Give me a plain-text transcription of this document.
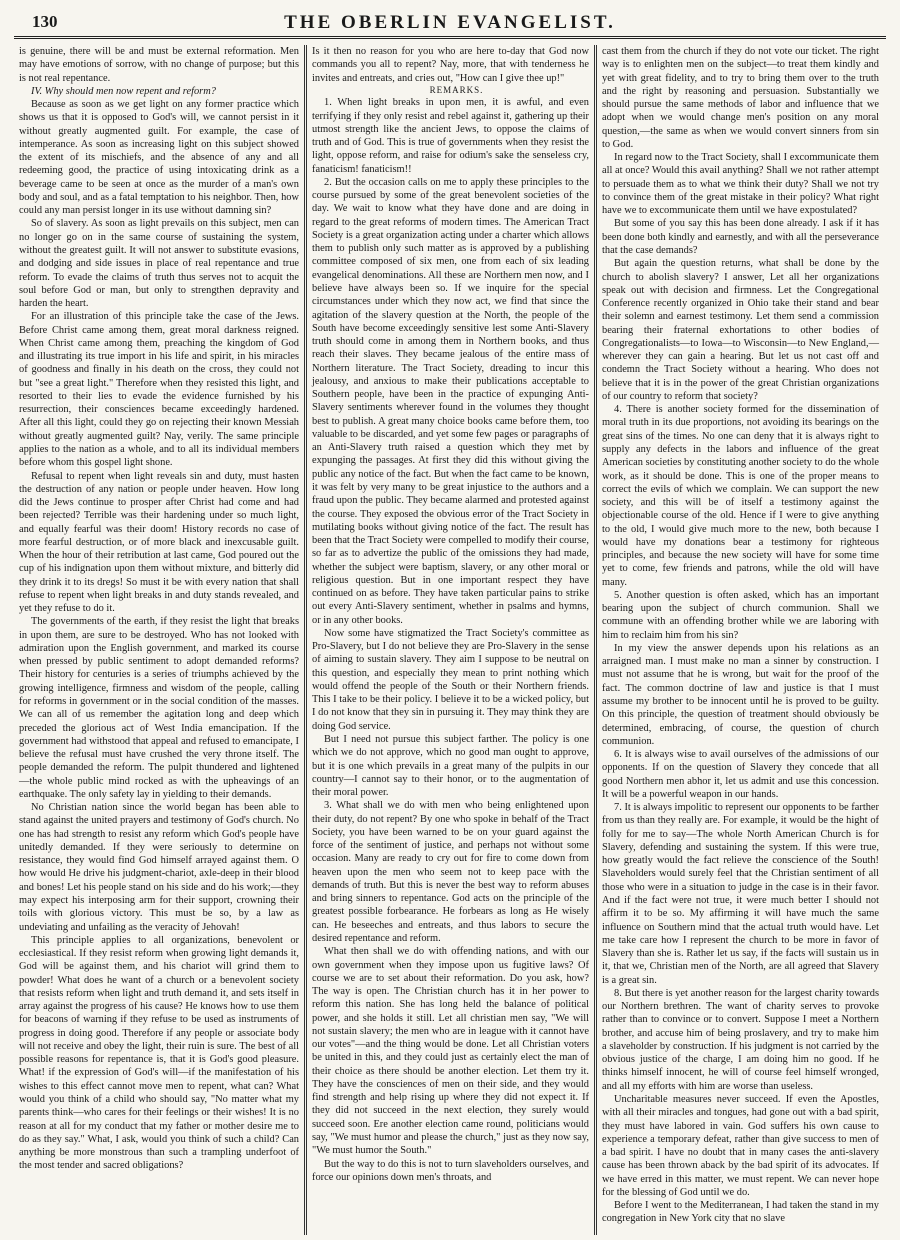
130	THE OBERLIN EVANGELIST.

is genuine, there will be and must be external reformation. Men may have emotions of sorrow, with no change of purpose; but this is not real repentance.

IV. Why should men now repent and reform?

Because as soon as we get light on any former practice which shows us that it is opposed to God's will, we cannot persist in it without greatly augmented guilt. For example, the case of intemperance. As soon as increasing light on this subject showed the extent of its mischiefs, and the absence of any and all redeeming good, the practice of using intoxicating drink as a beverage came to be seen at once as the murder of a man's own body and soul, and as a fatal temptation to his neighbor. Then, how could any man persist longer in its use without damning sin?

So of slavery. As soon as light prevails on this subject, men can no longer go on in the same course of sustaining the system, without the greatest guilt. It will not answer to substitute evasions, and dodging and side issues in place of real repentance and true reform. To evade the claims of truth thus serves not to acquit the soul before God or man, but only to strengthen depravity and harden the heart.

For an illustration of this principle take the case of the Jews. Before Christ came among them, great moral darkness reigned. When Christ came among them, preaching the kingdom of God and illustrating its true import in his life and spirit, in his miracles of goodness and finally in his death on the cross, they could not but "see a great light." Therefore when they resisted this light, and resorted to their lies to evade the evidence furnished by his resurrection, their consciences became exceedingly hardened. After all this light, could they go on rejecting their known Messiah without greatly augmented guilt? Nay, verily. The same principle applies to the nation as a whole, and to all its individual members before whom this gospel light shone.

Refusal to repent when light reveals sin and duty, must hasten the destruction of any nation or people under heaven. How long did the Jews continue to prosper after Christ had come and had been rejected? Terrible was their hardening under so much light, and equally fearful was their doom! History records no case of more fearful destruction, or of more black and inexcusable guilt. When the hour of their retribution at last came, God poured out the cup of his indignation upon them without mixture, and bitterly did they drink it to its dregs! So must it be with every nation that shall refuse to repent when light breaks in and duty stands revealed, and yet they refuse to do it.

The governments of the earth, if they resist the light that breaks in upon them, are sure to be destroyed. Who has not looked with admiration upon the English government, and marked its course when pressed by public sentiment to adopt demanded reforms? Their history for centuries is a series of triumphs achieved by the growing intelligence, firmness and wisdom of the people, calling for reforms in government or in the social condition of the masses. We can all of us remember the agitation long and deep which preceded the glorious act of West India emancipation. If the government had withstood that appeal and refused to emancipate, I believe the refusal must have crushed the very throne itself. The people demanded the reform. The pulpit thundered and lightened—the whole public mind rocked as with the upheavings of an earthquake. The only safety lay in yielding to their demands.

No Christian nation since the world began has been able to stand against the united prayers and testimony of God's church. No one has had strength to resist any reform which God's people have unitedly demanded. If they were seriously to determine on resistance, they would find God himself arrayed against them. O how would He drive his judgment-chariot, axle-deep in their blood and bones! Let his people stand on his side and do his work;—they may expect his interposing arm for their support, crowning their toils with glorious victory. This must be so, by a law as undeviating and unfailing as the veracity of Jehovah!

This principle applies to all organizations, benevolent or ecclesiastical. If they resist reform when growing light demands it, God will be against them, and his chariot will grind them to powder! What does he want of a church or a benevolent society that resists reform when light and truth demand it, and sets itself in array against the progress of his cause? He knows how to use them for beacons of warning if they refuse to be used as instruments of progress in doing good. Therefore if any people or associate body will not receive and obey the light, their ruin is sure. The best of all possible reasons for repentance is, that it is God's good pleasure. What! if the expression of God's will—if the manifestation of his wishes to this effect cannot move men to repent, what can? What would you think of a child who should say, "No matter what my parents think—who cares for their feelings or their wishes! It is no reason at all for my conduct that my father or mother desire me to do as they say." What, I ask, would you think of such a child? Can anything be more monstrous than such a trampling underfoot of the most tender and sacred obligations?

Is it then no reason for you who are here to-day that God now commands you all to repent? Nay, more, that with tenderness he invites and entreats, and cries out, "How can I give thee up!"

REMARKS.

1. When light breaks in upon men, it is awful, and even terrifying if they only resist and rebel against it, gathering up their utmost strength like the ancient Jews, to oppose the claims of truth and of God. This is true of governments when they resist the light, oppose reform, and raise for odium's sake the senseless cry, fanaticism! fanaticism!!

2. But the occasion calls on me to apply these principles to the course pursued by some of the great benevolent societies of the day. We wait to know what they have done and are doing in regard to the great reforms of modern times. The American Tract Society is a great organization acting under a charter which allows them to publish only such matter as is approved by a publishing committee composed of six men, one from each of six leading evangelical denominations. All these are Northern men now, and I believe have always been so. If we inquire for the special circumstances under which they now act, we find that since the agitation of the slavery question at the North, the people of the South have become exceedingly sensitive lest some Anti-Slavery truth should come in among them in Northern books, and thus reach their slaves. They became jealous of the entire mass of Northern literature. The Tract Society, dreading to incur this jealousy, and anxious to make their publications acceptable to Southern people, have been in the practice of expunging Anti-Slavery sentiments wherever found in the volumes they thought best to publish. A great many choice books came before them, too valuable to be discarded, and yet some few pages or paragraphs of an Anti-Slavery truth raised a question which they met by expunging the passages. At first they did this without giving the public any notice of the fact. But when the fact came to be known, it was felt by very many to be great injustice to the authors and a fraud upon the public. They became alarmed and protested against the course. They exposed the obvious error of the Tract Society in mutilating books without giving notice of the fact. The result has been that the Tract Society were compelled to modify their course, so far as to advertize the public of the omissions they had made, whether the subject were baptism, slavery, or any other moral or religious question. But in one important respect they have continued on as before. They have taken particular pains to strike out every Anti-Slavery sentiment, whether in psalms and hymns, or in any other books.

Now some have stigmatized the Tract Society's committee as Pro-Slavery, but I do not believe they are Pro-Slavery in the sense of aiming to sustain slavery. They aim I suppose to be neutral on this question, and especially they mean to print nothing which would offend the people of the South or their Northern friends. This I take to be their policy. I believe it to be a wicked policy, but I do not know that they sin in pursuing it. They may think they are doing God service.

But I need not pursue this subject farther. The policy is one which we do not approve, which no good man ought to approve, but it is one which prevails in a great many of the pulpits in our country—I cannot say to their honor, or to the augmentation of their moral power.

3. What shall we do with men who being enlightened upon their duty, do not repent? By one who spoke in behalf of the Tract Society, you have been warned to be on your guard against the force of the sentiment of justice, and perhaps not without some occasion. Many are ready to cry out for fire to come down from heaven upon the men who seem not to keep pace with the demands of truth. But this is never the best way to reform abuses and bring sinners to repentance. God acts on the principle of the greatest possible forbearance. He forbears as long as He wisely can. He beseeches and entreats, and thus labors to secure the desired repentance and reform.

What then shall we do with offending nations, and with our own government when they impose upon us fugitive laws? Of course we are to set about their reformation. Do you ask, how? The way is open. The Christian church has it in her power to reform this nation. She has long held the balance of political power, and she holds it still. Let all christian men say, "We will not sustain slavery; the men who are in league with it cannot have our votes"—and the thing would be done. Let all Christian voters be united in this, and they could just as certainly elect the man of their choice as there should be another election. Let them try it. They have the consciences of men on their side, and they would find strength and help rising up where they did not expect it. If they did not succeed in the next election, they surely would succeed soon. Ere another election came round, politicians would say, "We must humor and please the church," just as they now say, "We must humor the South."

But the way to do this is not to turn slaveholders ourselves, and force our opinions down men's throats, and

cast them from the church if they do not vote our ticket. The right way is to enlighten men on the subject—to treat them kindly and yet with great fidelity, and to try to bring them over to the truth and the right by reasoning and persuasion. Substantially we should pursue the same methods of labor and influence that we adopt when we would change men's position on any moral question,—the same as when we would convert sinners from sin to God.

In regard now to the Tract Society, shall I excommunicate them all at once? Would this avail anything? Shall we not rather attempt to persuade them as to what we think their duty? Shall we not try to convince them of the great mistake in their policy? What right have we to excommunicate them until we have expostulated?

But some of you say this has been done already. I ask if it has been done both kindly and earnestly, and with all the perseverance that the case demands?

But again the question returns, what shall be done by the church to abolish slavery? I answer, Let all her organizations speak out with decision and firmness. Let the Congregational Conference recently organized in Ohio take their stand and bear their solemn and earnest testimony. Let them send a commission bearing their fraternal exhortations to other bodies of Congregationalists—to Iowa—to Wisconsin—to New England,—wherever they can gain a hearing. But let us not cast off and condemn the Tract Society without a hearing. Who does not believe that it is in the power of the great Christian organizations of our country to reform that society?

4. There is another society formed for the dissemination of moral truth in its due proportions, not avoiding its bearings on the great sins of the times. No one can deny that it is always right to supply any defects in the labors and influence of the great American societies by constituting another society to do the whole work, as it should be done. This is one of the proper means to correct the evils of which we complain. We can support the new society, and this will be of itself a testimony against the objectionable course of the old. Hence if I were to give anything to the old, I would give much more to the new, both because I would have my donations bear a testimony for righteous principles, and because the new society will have for some time yet to come, few friends and patrons, while the old will have many.

5. Another question is often asked, which has an important bearing upon the subject of church communion. Shall we commune with an offending brother while we are laboring with him to reclaim him from his sin?

In my view the answer depends upon his relations as an arraigned man. I must make no man a sinner by construction. I must not assume that he is wrong, but wait for the proof of the fact. The common doctrine of law and justice is that I must assume my brother to be innocent until he is proved to be guilty. On this principle, the question of treatment should obviously be determined, embracing, of course, the question of church communion.

6. It is always wise to avail ourselves of the admissions of our opponents. If on the question of Slavery they concede that all good Northern men abhor it, let us admit and use this concession. It will be a powerful weapon in our hands.

7. It is always impolitic to represent our opponents to be farther from us than they really are. For example, it would be the hight of folly for me to say—The whole North American Church is for Slavery, defending and sustaining the system. If this were true, how greatly would the fact relieve the conscience of the South! Slaveholders would surely feel that the Christian sentiment of all those who were in a situation to judge in the case is in their favor. And if the fact were not true, it were much better I should not affirm it to be so. My affirming it will have much the same influence on Southern mind that the actual truth would have. Let me take care how I represent the church to be more in favor of Slavery than she is. Rather let us say, if the facts will sustain us in it, that we, Christian men of the North, are all agreed that Slavery is a great sin.

8. But there is yet another reason for the largest charity towards our Northern brethren. The want of charity serves to provoke rather than to convince or to convert. Suppose I meet a Northern brother, and accuse him of being proslavery, and try to make him a slaveholder by construction. If his judgment is not carried by the obvious justice of the charge, I am doing him no good. If he thinks himself innocent, he will of course feel himself wronged, and all my efforts with him are worse than useless.

Uncharitable measures never succeed. If even the Apostles, with all their miracles and tongues, had gone out with a bad spirit, they must have labored in vain. God suffers his own cause to experience a temporary defeat, rather than give success to men of a bad spirit. I have no doubt that in many cases the anti-slavery cause has been thrown aback by the bad spirit of its advocates. If we have erred in this matter, we must repent. We can never hope for the blessing of God until we do.

Before I went to the Mediterranean, I had taken the stand in my congregation in New York city that no slave
